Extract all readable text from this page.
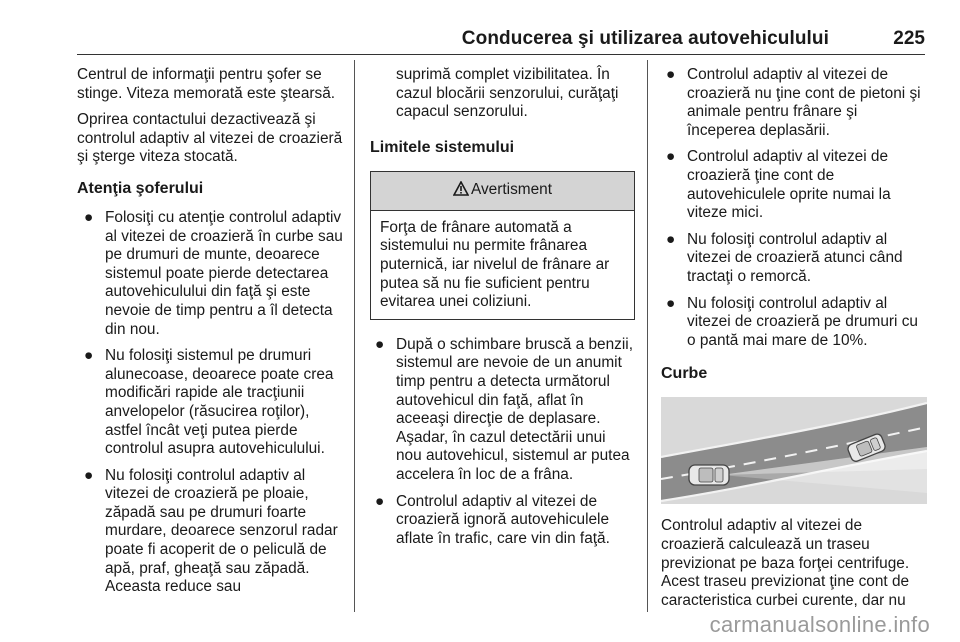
Conducerea şi utilizarea autovehiculului	225

Centrul de informaţii pentru şofer se stinge. Viteza memorată este ştearsă.

Oprirea contactului dezactivează şi controlul adaptiv al vitezei de croazieră şi şterge viteza stocată.

Atenţia şoferului
● Folosiţi cu atenţie controlul adaptiv al vitezei de croazieră în curbe sau pe drumuri de munte, deoarece sistemul poate pierde detectarea autovehiculului din faţă şi este nevoie de timp pentru a îl detecta din nou.
● Nu folosiţi sistemul pe drumuri alunecoase, deoarece poate crea modificări rapide ale tracţiunii anvelopelor (răsucirea roţilor), astfel încât veţi putea pierde controlul asupra autovehiculului.
● Nu folosiţi controlul adaptiv al vitezei de croazieră pe ploaie, zăpadă sau pe drumuri foarte murdare, deoarece senzorul radar poate fi acoperit de o peliculă de apă, praf, gheaţă sau zăpadă. Aceasta reduce sau

suprimă complet vizibilitatea. În cazul blocării senzorului, curăţaţi capacul senzorului.

Limitele sistemului
Avertisment
Forţa de frânare automată a sistemului nu permite frânarea puternică, iar nivelul de frânare ar putea să nu fie suficient pentru evitarea unei coliziuni.
● După o schimbare bruscă a benzii, sistemul are nevoie de un anumit timp pentru a detecta următorul autovehicul din faţă, aflat în aceeaşi direcţie de deplasare. Aşadar, în cazul detectării unui nou autovehicul, sistemul ar putea accelera în loc de a frâna.
● Controlul adaptiv al vitezei de croazieră ignoră autovehiculele aflate în trafic, care vin din faţă.
● Controlul adaptiv al vitezei de croazieră nu ţine cont de pietoni şi animale pentru frânare şi începerea deplasării.
● Controlul adaptiv al vitezei de croazieră ţine cont de autovehiculele oprite numai la viteze mici.
● Nu folosiţi controlul adaptiv al vitezei de croazieră atunci când tractaţi o remorcă.
● Nu folosiţi controlul adaptiv al vitezei de croazieră pe drumuri cu o pantă mai mare de 10%.
Curbe

Controlul adaptiv al vitezei de croazieră calculează un traseu previzionat pe baza forţei centrifuge. Acest traseu previzionat ţine cont de caracteristica curbei curente, dar nu

carmanualsonline.info
